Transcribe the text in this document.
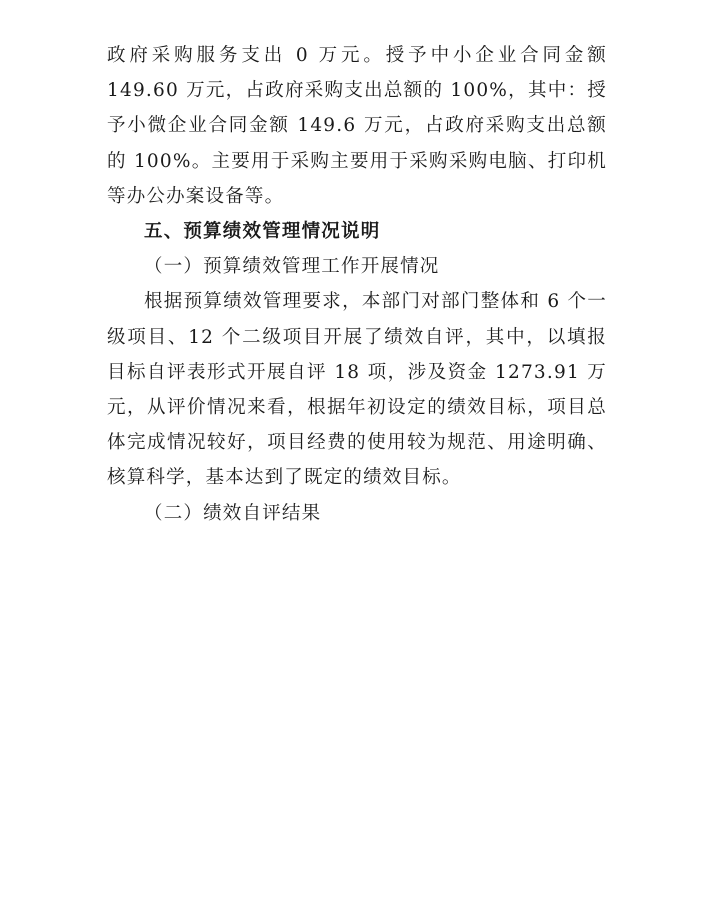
政府采购服务支出 0 万元。授予中小企业合同金额 149.60 万元，占政府采购支出总额的 100%，其中：授予小微企业合同金额 149.6 万元，占政府采购支出总额的 100%。主要用于采购主要用于采购采购电脑、打印机等办公办案设备等。

五、预算绩效管理情况说明

（一）预算绩效管理工作开展情况

根据预算绩效管理要求，本部门对部门整体和 6 个一级项目、12 个二级项目开展了绩效自评，其中，以填报目标自评表形式开展自评 18 项，涉及资金 1273.91 万元，从评价情况来看，根据年初设定的绩效目标，项目总体完成情况较好，项目经费的使用较为规范、用途明确、核算科学，基本达到了既定的绩效目标。

（二）绩效自评结果
